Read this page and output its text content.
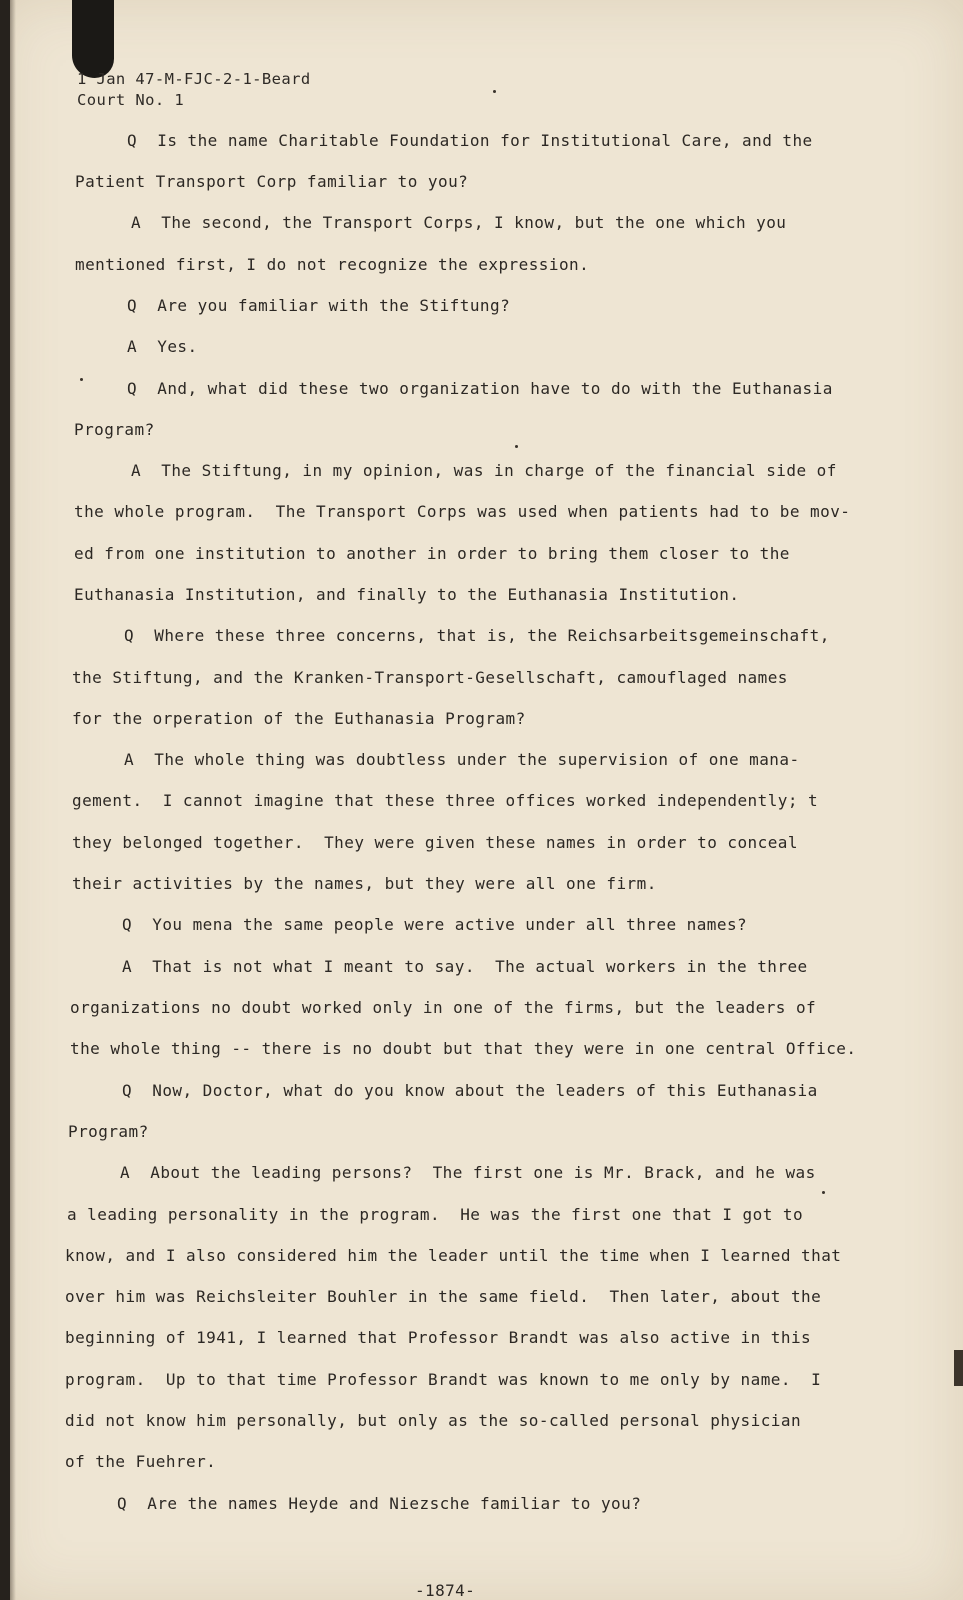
1 Jan 47-M-FJC-2-1-Beard
Court No. 1
Q  Is the name Charitable Foundation for Institutional Care, and the
Patient Transport Corp familiar to you?
A  The second, the Transport Corps, I know, but the one which you
mentioned first, I do not recognize the expression.
Q  Are you familiar with the Stiftung?
A  Yes.
Q  And, what did these two organization have to do with the Euthanasia
Program?
A  The Stiftung, in my opinion, was in charge of the financial side of
the whole program.  The Transport Corps was used when patients had to be mov-
ed from one institution to another in order to bring them closer to the
Euthanasia Institution, and finally to the Euthanasia Institution.
Q  Where these three concerns, that is, the Reichsarbeitsgemeinschaft,
the Stiftung, and the Kranken-Transport-Gesellschaft, camouflaged names
for the orperation of the Euthanasia Program?
A  The whole thing was doubtless under the supervision of one mana-
gement.  I cannot imagine that these three offices worked independently; t
they belonged together.  They were given these names in order to conceal
their activities by the names, but they were all one firm.
Q  You mena the same people were active under all three names?
A  That is not what I meant to say.  The actual workers in the three
organizations no doubt worked only in one of the firms, but the leaders of
the whole thing -- there is no doubt but that they were in one central Office.
Q  Now, Doctor, what do you know about the leaders of this Euthanasia
Program?
A  About the leading persons?  The first one is Mr. Brack, and he was
a leading personality in the program.  He was the first one that I got to
know, and I also considered him the leader until the time when I learned that
over him was Reichsleiter Bouhler in the same field.  Then later, about the
beginning of 1941, I learned that Professor Brandt was also active in this
program.  Up to that time Professor Brandt was known to me only by name.  I
did not know him personally, but only as the so-called personal physician
of the Fuehrer.
Q  Are the names Heyde and Niezsche familiar to you?
-1874-
